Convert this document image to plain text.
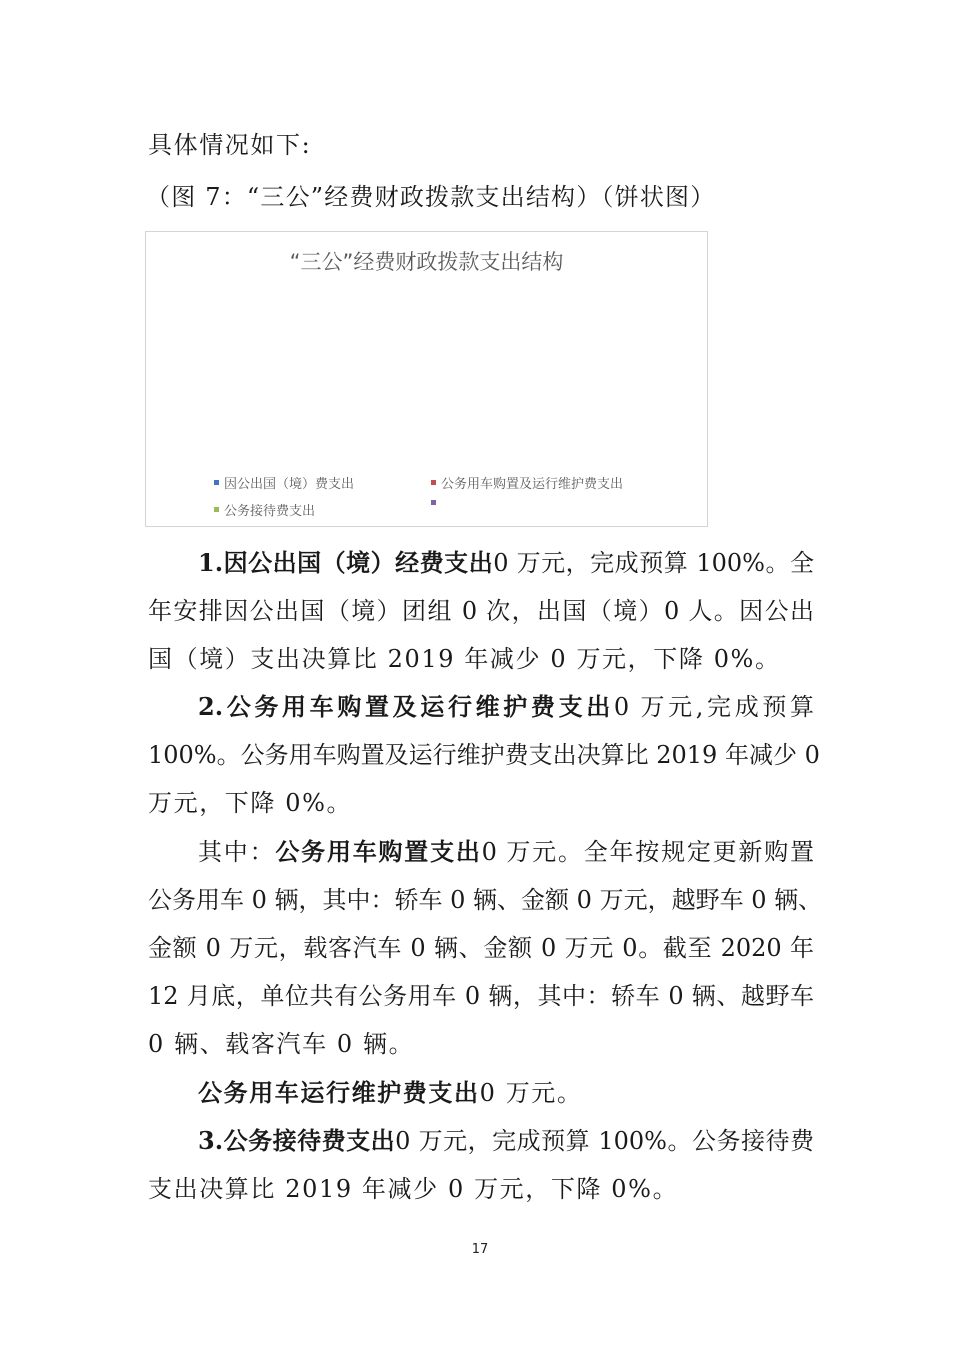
具体情况如下:
（图 7：“三公”经费财政拨款支出结构）（饼状图）
“三公”经费财政拨款支出结构
因公出国（境）费支出	公务用车购置及运行维护费支出
公务接待费支出
1.因公出国（境）经费支出0 万元，完成预算 100%。全
年安排因公出国（境）团组 0 次，出国（境）0 人。因公出
国（境）支出决算比 2019 年减少 0 万元，下降 0%。
2.公务用车购置及运行维护费支出0 万元,完成预算
100%。公务用车购置及运行维护费支出决算比 2019 年减少 0
万元，下降 0%。
其中：公务用车购置支出0 万元。全年按规定更新购置
公务用车 0 辆，其中：轿车 0 辆、金额 0 万元，越野车 0 辆、
金额 0 万元，载客汽车 0 辆、金额 0 万元 0。截至 2020 年
12 月底，单位共有公务用车 0 辆，其中：轿车 0 辆、越野车
0 辆、载客汽车 0 辆。
公务用车运行维护费支出0 万元。
3.公务接待费支出0 万元，完成预算 100%。公务接待费
支出决算比 2019 年减少 0 万元，下降 0%。
17
